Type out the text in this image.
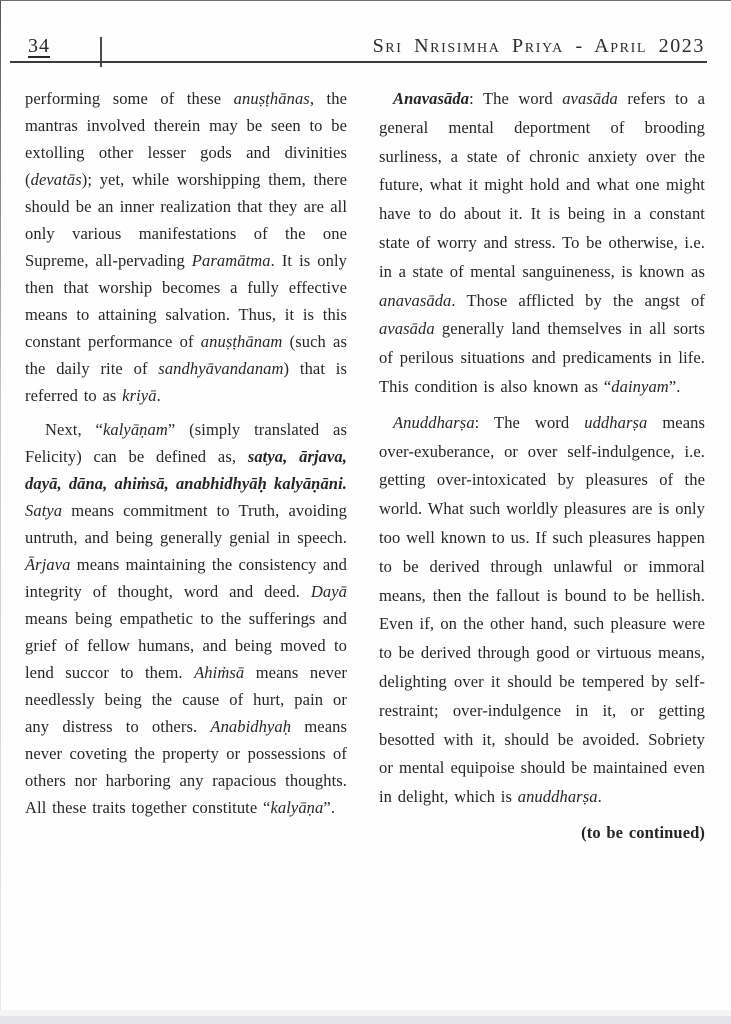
34	Sri Nrisimha Priya - April 2023

performing some of these anuṣṭhānas, the mantras involved therein may be seen to be extolling other lesser gods and divinities (devatās); yet, while worshipping them, there should be an inner realization that they are all only various manifestations of the one Supreme, all-pervading Paramātma. It is only then that worship becomes a fully effective means to attaining salvation. Thus, it is this constant performance of anuṣṭhānam (such as the daily rite of sandhyāvandanam) that is referred to as kriyā.

Next, “kalyāṇam” (simply translated as Felicity) can be defined as, satya, ārjava, dayā, dāna, ahiṁsā, anabhidhyāḥ kalyāṇāni. Satya means commitment to Truth, avoiding untruth, and being generally genial in speech. Ārjava means maintaining the consistency and integrity of thought, word and deed. Dayā means being empathetic to the sufferings and grief of fellow humans, and being moved to lend succor to them. Ahiṁsā means never needlessly being the cause of hurt, pain or any distress to others. Anabidhyaḥ means never coveting the property or possessions of others nor harboring any rapacious thoughts. All these traits together constitute “kalyāṇa”.

Anavasāda: The word avasāda refers to a general mental deportment of brooding surliness, a state of chronic anxiety over the future, what it might hold and what one might have to do about it. It is being in a constant state of worry and stress. To be otherwise, i.e. in a state of mental sanguineness, is known as anavasāda. Those afflicted by the angst of avasāda generally land themselves in all sorts of perilous situations and predicaments in life. This condition is also known as “dainyam”.

Anuddharṣa: The word uddharṣa means over-exuberance, or over self-indulgence, i.e. getting over-intoxicated by pleasures of the world. What such worldly pleasures are is only too well known to us. If such pleasures happen to be derived through unlawful or immoral means, then the fallout is bound to be hellish. Even if, on the other hand, such pleasure were to be derived through good or virtuous means, delighting over it should be tempered by self-restraint; over-indulgence in it, or getting besotted with it, should be avoided. Sobriety or mental equipoise should be maintained even in delight, which is anuddharṣa.

(to be continued)
